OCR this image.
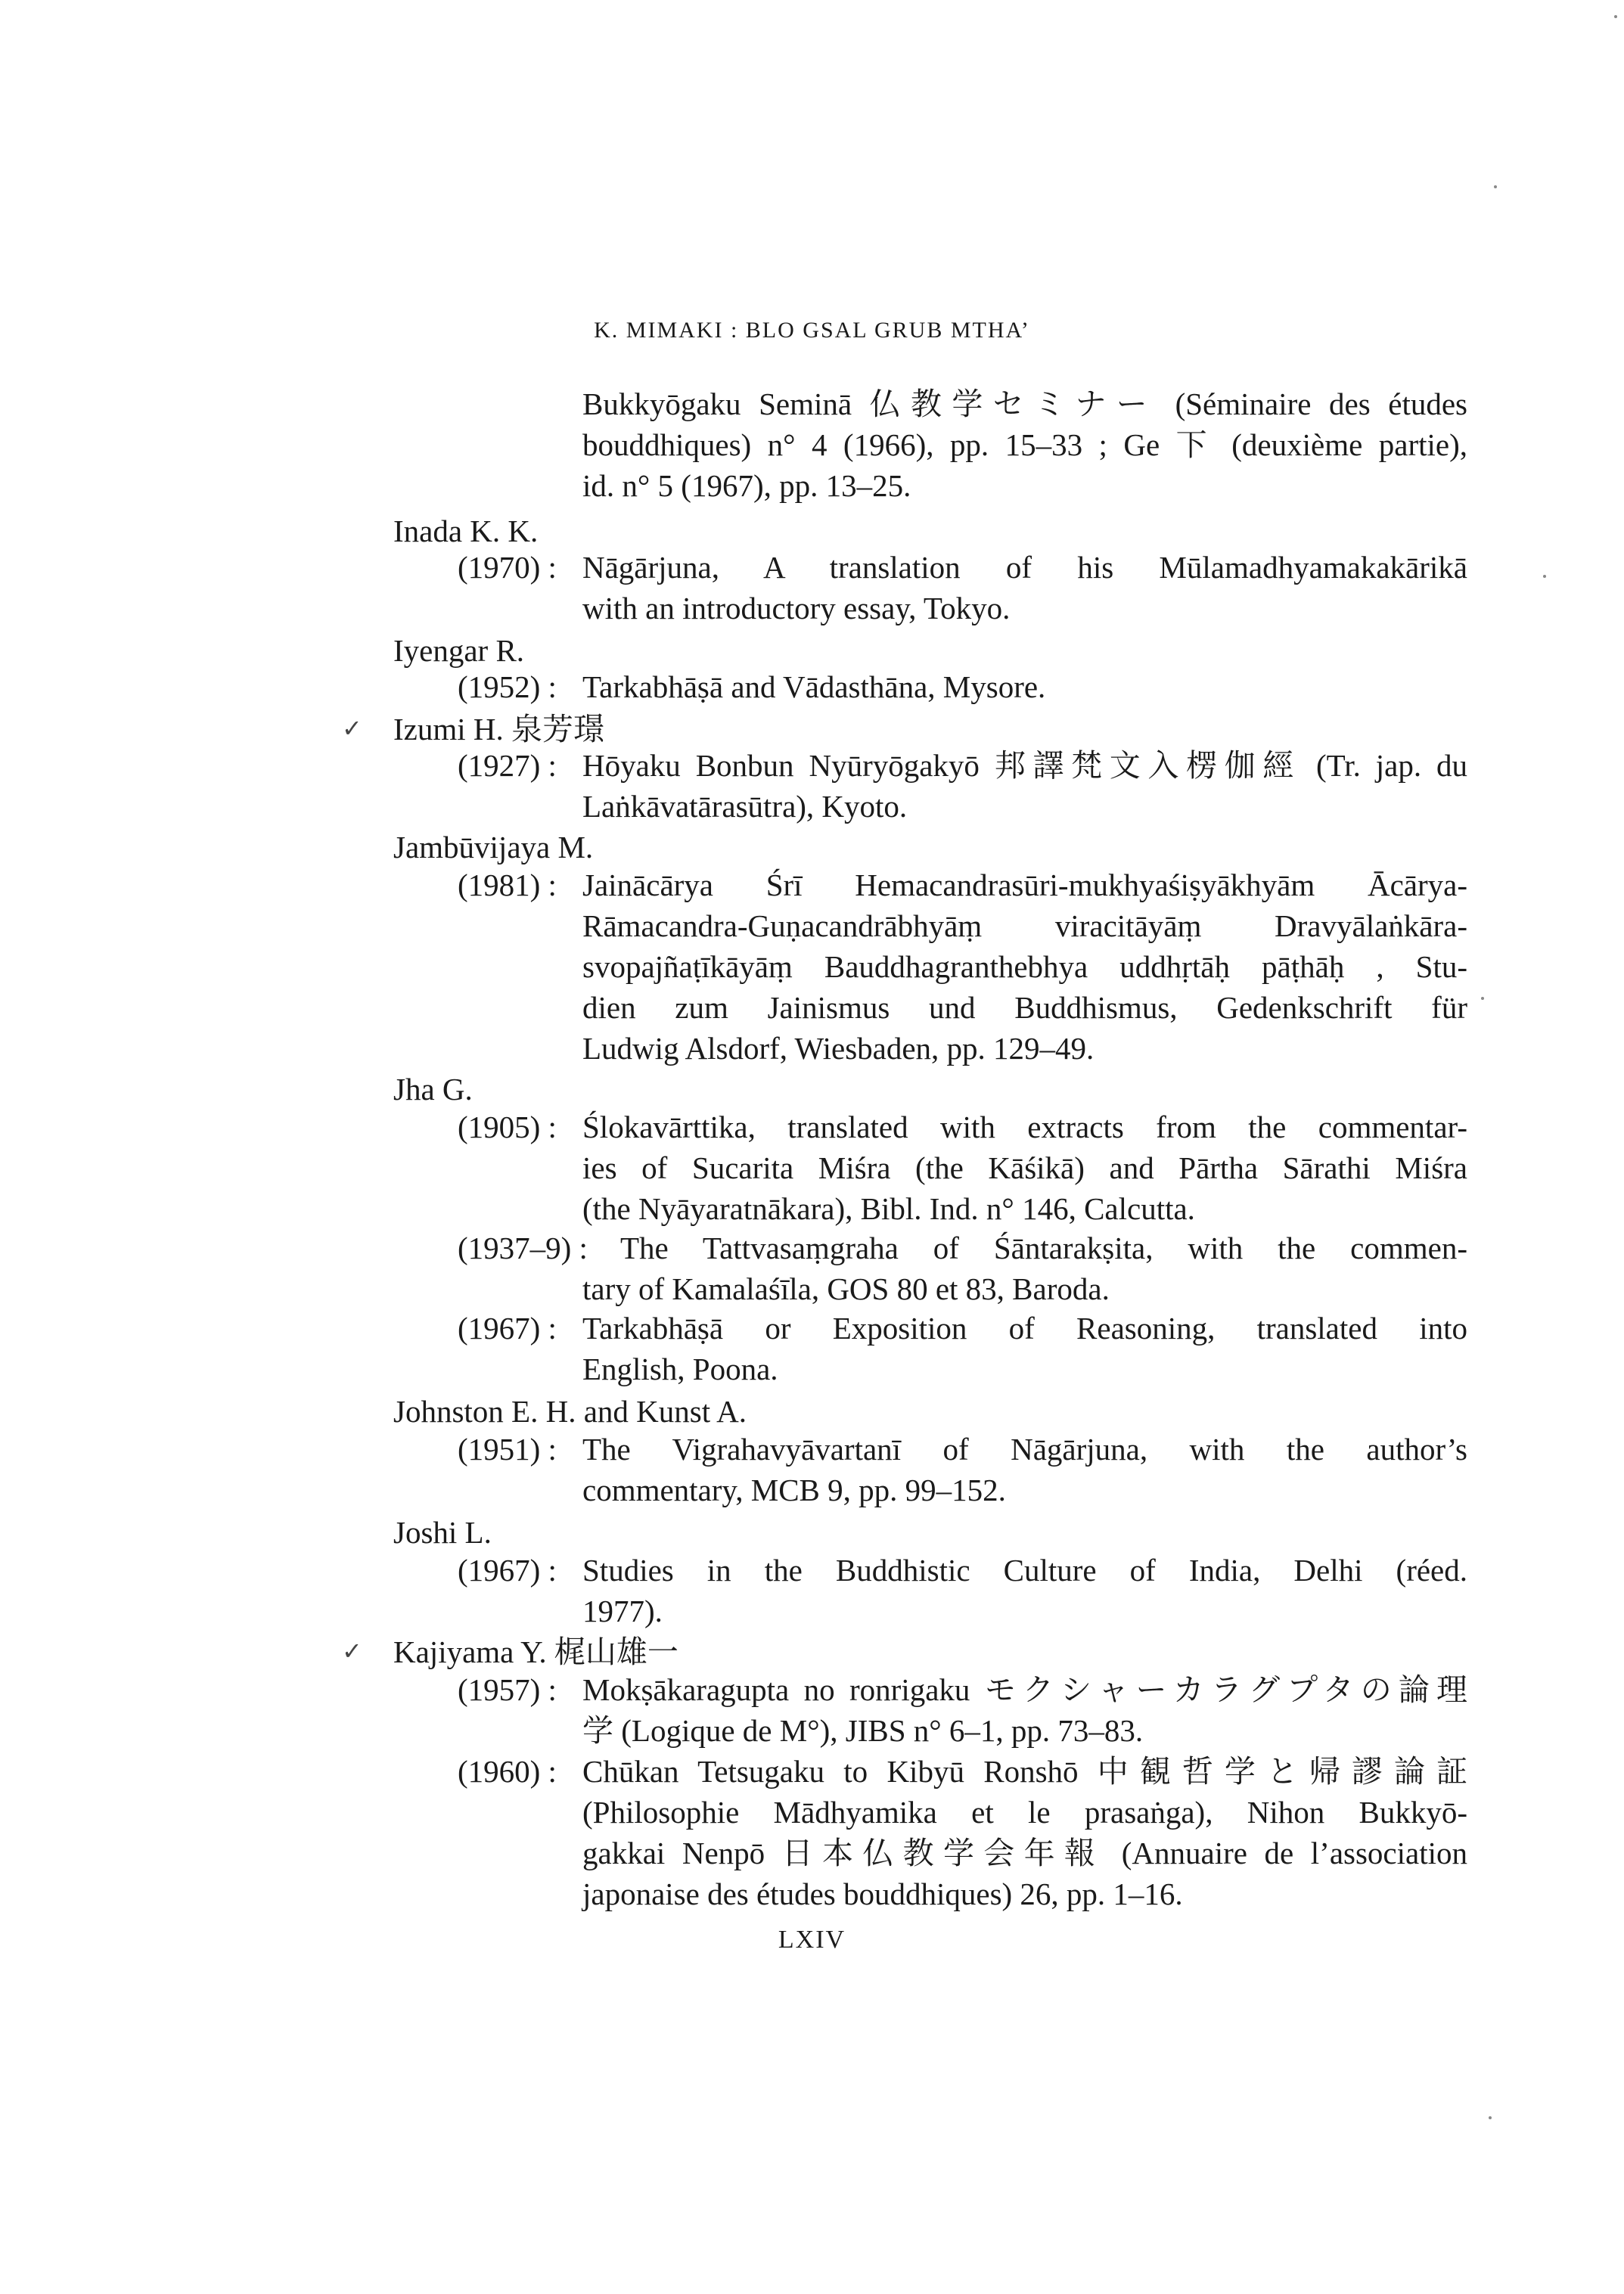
K. MIMAKI : BLO GSAL GRUB MTHA’
Bukkyōgaku Seminā 仏教学セミナー (Séminaire des études
bouddhiques) n° 4 (1966), pp. 15–33 ; Ge 下 (deuxième partie),
id. n° 5 (1967), pp. 13–25.
Inada K. K.
(1970) : Nāgārjuna, A translation of his Mūlamadhyamakakārikā
with an introductory essay, Tokyo.
Iyengar R.
(1952) : Tarkabhāṣā and Vādasthāna, Mysore.
✓ Izumi H. 泉芳璟
(1927) : Hōyaku Bonbun Nyūryōgakyō 邦譯梵文入楞伽經 (Tr. jap. du
Laṅkāvatārasūtra), Kyoto.
Jambūvijaya M.
(1981) : Jainācārya Śrī Hemacandrasūri-mukhyaśiṣyākhyām Ācārya-
Rāmacandra-Guṇacandrābhyāṃ viracitāyāṃ Dravyālaṅkāra-
svopajñaṭīkāyāṃ Bauddhagranthebhya uddhṛtāḥ pāṭhāḥ , Stu-
dien zum Jainismus und Buddhismus, Gedenkschrift für
Ludwig Alsdorf, Wiesbaden, pp. 129–49.
Jha G.
(1905) : Ślokavārttika, translated with extracts from the commentar-
ies of Sucarita Miśra (the Kāśikā) and Pārtha Sārathi Miśra
(the Nyāyaratnākara), Bibl. Ind. n° 146, Calcutta.
(1937–9) : The Tattvasaṃgraha of Śāntarakṣita, with the commen-
tary of Kamalaśīla, GOS 80 et 83, Baroda.
(1967) : Tarkabhāṣā or Exposition of Reasoning, translated into
English, Poona.
Johnston E. H. and Kunst A.
(1951) : The Vigrahavyāvartanī of Nāgārjuna, with the author’s
commentary, MCB 9, pp. 99–152.
Joshi L.
(1967) : Studies in the Buddhistic Culture of India, Delhi (réed.
1977).
✓ Kajiyama Y. 梶山雄一
(1957) : Mokṣākaragupta no ronrigaku モクシャーカラグプタの論理
学 (Logique de M°), JIBS n° 6–1, pp. 73–83.
(1960) : Chūkan Tetsugaku to Kibyū Ronshō 中観哲学と帰謬論証
(Philosophie Mādhyamika et le prasaṅga), Nihon Bukkyō-
gakkai Nenpō 日本仏教学会年報 (Annuaire de l’association
japonaise des études bouddhiques) 26, pp. 1–16.
LXIV
